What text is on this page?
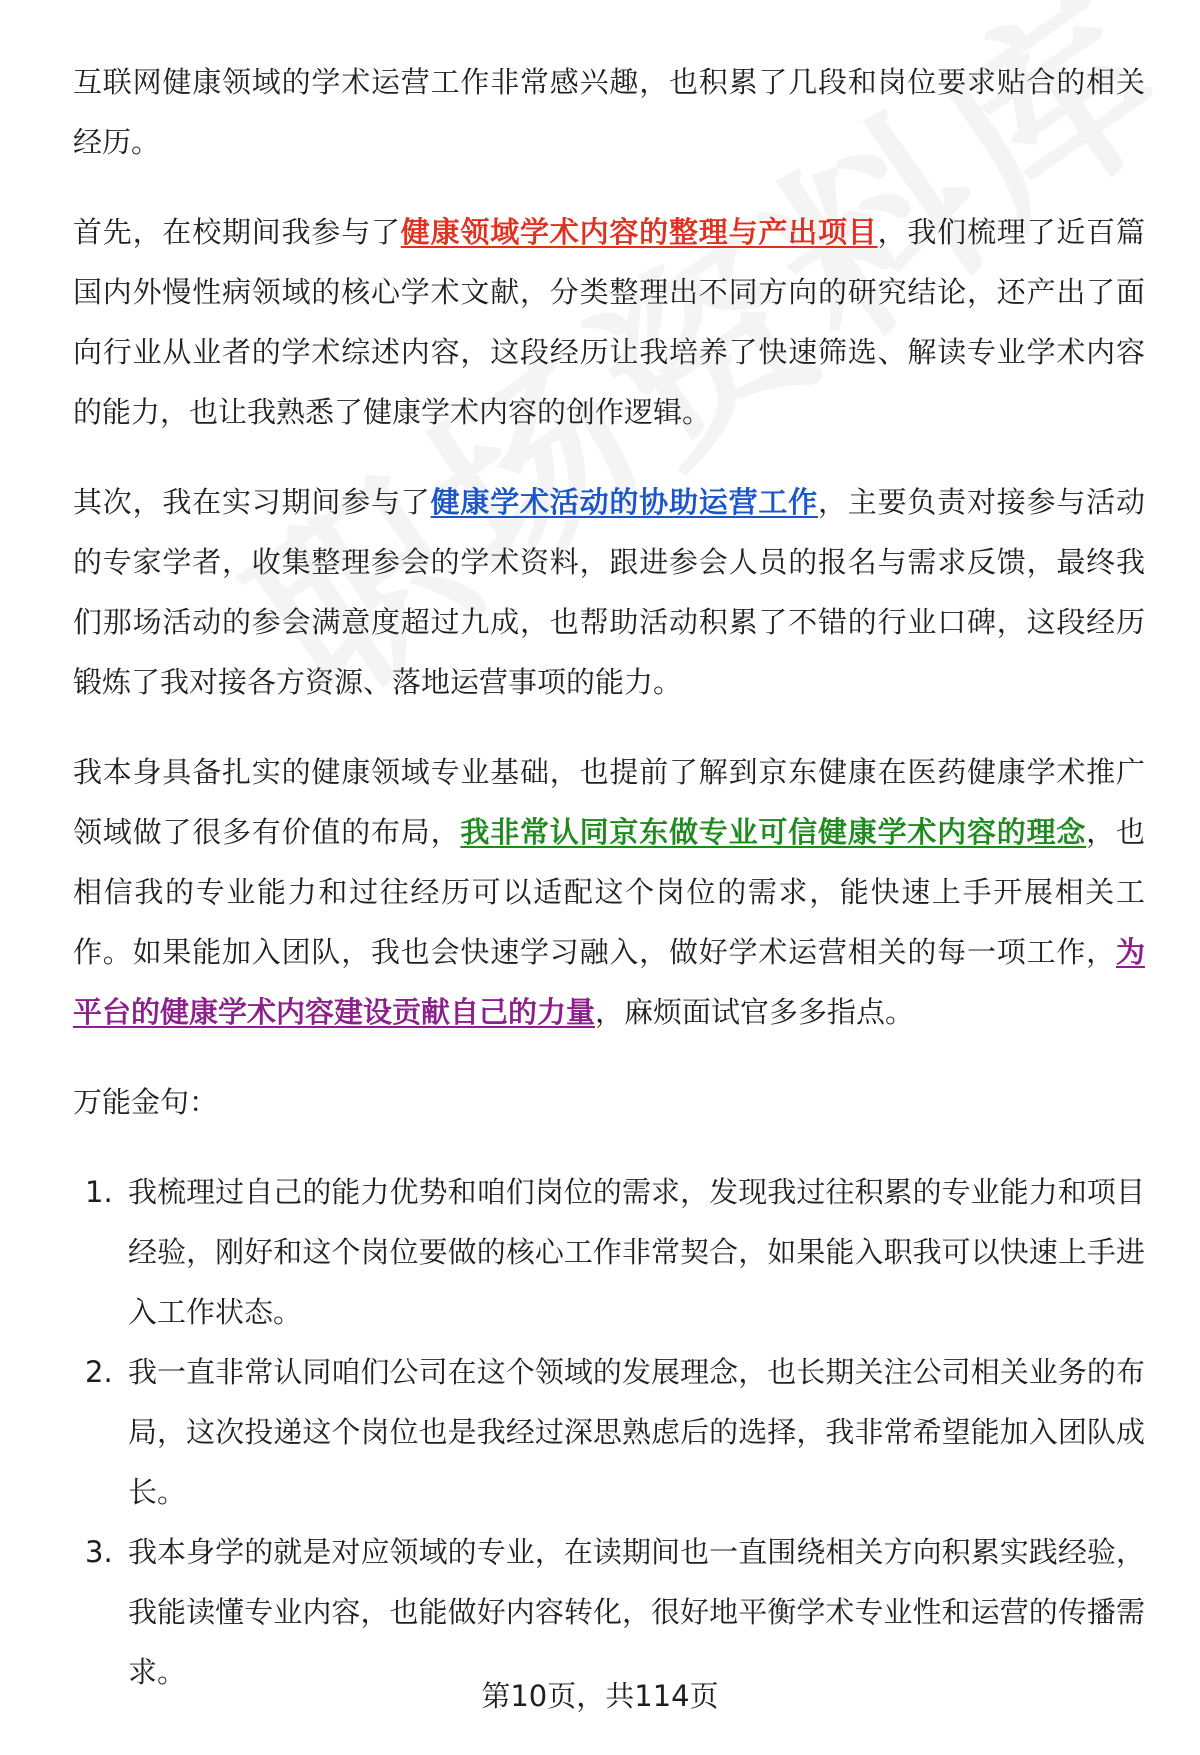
互联网健康领域的学术运营工作非常感兴趣，也积累了几段和岗位要求贴合的相关经历。

首先，在校期间我参与了健康领域学术内容的整理与产出项目，我们梳理了近百篇国内外慢性病领域的核心学术文献，分类整理出不同方向的研究结论，还产出了面向行业从业者的学术综述内容，这段经历让我培养了快速筛选、解读专业学术内容的能力，也让我熟悉了健康学术内容的创作逻辑。

其次，我在实习期间参与了健康学术活动的协助运营工作，主要负责对接参与活动的专家学者，收集整理参会的学术资料，跟进参会人员的报名与需求反馈，最终我们那场活动的参会满意度超过九成，也帮助活动积累了不错的行业口碑，这段经历锻炼了我对接各方资源、落地运营事项的能力。

我本身具备扎实的健康领域专业基础，也提前了解到京东健康在医药健康学术推广领域做了很多有价值的布局，我非常认同京东做专业可信健康学术内容的理念，也相信我的专业能力和过往经历可以适配这个岗位的需求，能快速上手开展相关工作。如果能加入团队，我也会快速学习融入，做好学术运营相关的每一项工作，为平台的健康学术内容建设贡献自己的力量，麻烦面试官多多指点。

万能金句：

1. 我梳理过自己的能力优势和咱们岗位的需求，发现我过往积累的专业能力和项目经验，刚好和这个岗位要做的核心工作非常契合，如果能入职我可以快速上手进入工作状态。
2. 我一直非常认同咱们公司在这个领域的发展理念，也长期关注公司相关业务的布局，这次投递这个岗位也是我经过深思熟虑后的选择，我非常希望能加入团队成长。
3. 我本身学的就是对应领域的专业，在读期间也一直围绕相关方向积累实践经验，我能读懂专业内容，也能做好内容转化，很好地平衡学术专业性和运营的传播需求。
第10页，共114页
